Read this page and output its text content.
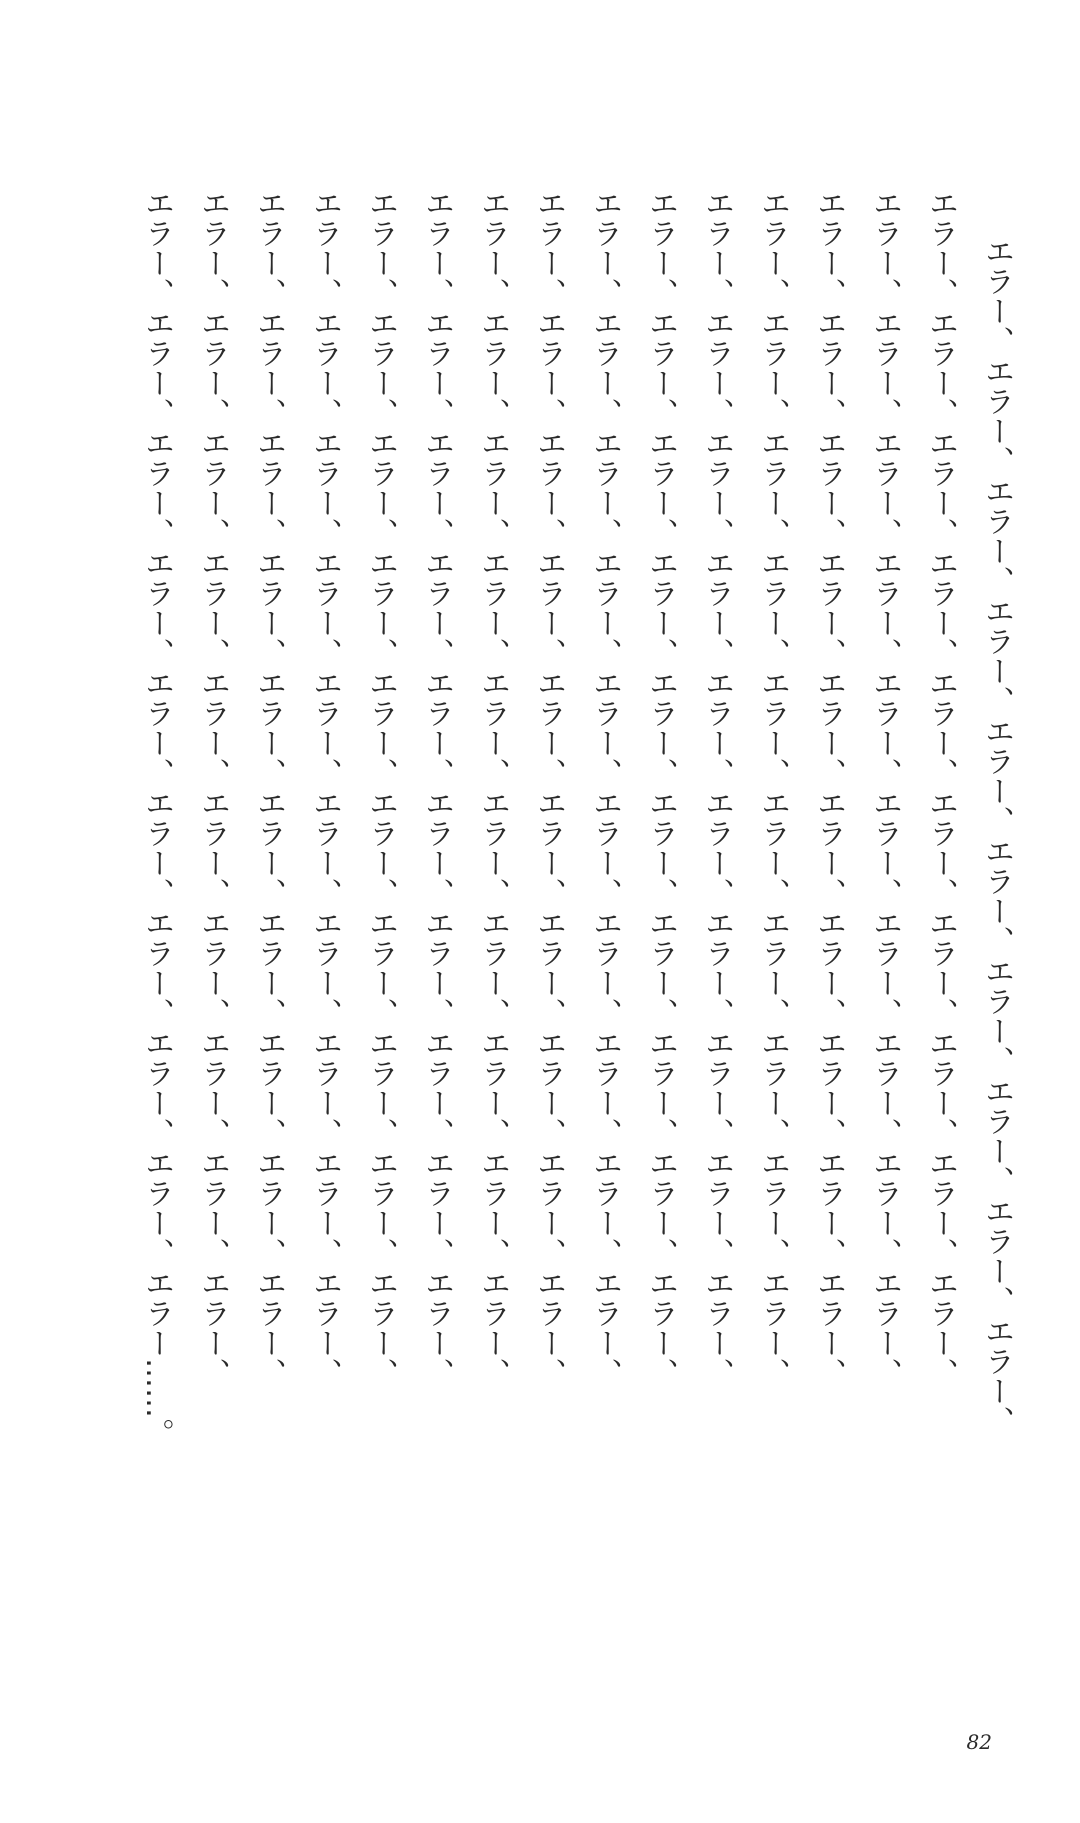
エラー、エラー、エラー、エラー、エラー、エラー、エラー、エラー、エラー、エラー、

エラー、エラー、エラー、エラー、エラー、エラー、エラー、エラー、エラー、エラー、

エラー、エラー、エラー、エラー、エラー、エラー、エラー、エラー、エラー、エラー、

エラー、エラー、エラー、エラー、エラー、エラー、エラー、エラー、エラー、エラー、

エラー、エラー、エラー、エラー、エラー、エラー、エラー、エラー、エラー、エラー、

エラー、エラー、エラー、エラー、エラー、エラー、エラー、エラー、エラー、エラー、

エラー、エラー、エラー、エラー、エラー、エラー、エラー、エラー、エラー、エラー、

エラー、エラー、エラー、エラー、エラー、エラー、エラー、エラー、エラー、エラー、

エラー、エラー、エラー、エラー、エラー、エラー、エラー、エラー、エラー、エラー、

エラー、エラー、エラー、エラー、エラー、エラー、エラー、エラー、エラー、エラー、

エラー、エラー、エラー、エラー、エラー、エラー、エラー、エラー、エラー、エラー、

エラー、エラー、エラー、エラー、エラー、エラー、エラー、エラー、エラー、エラー、

エラー、エラー、エラー、エラー、エラー、エラー、エラー、エラー、エラー、エラー、

エラー、エラー、エラー、エラー、エラー、エラー、エラー、エラー、エラー、エラー、

エラー、エラー、エラー、エラー、エラー、エラー、エラー、エラー、エラー、エラー、

エラー、エラー、エラー、エラー、エラー、エラー、エラー、エラー、エラー、エラー……。

82
